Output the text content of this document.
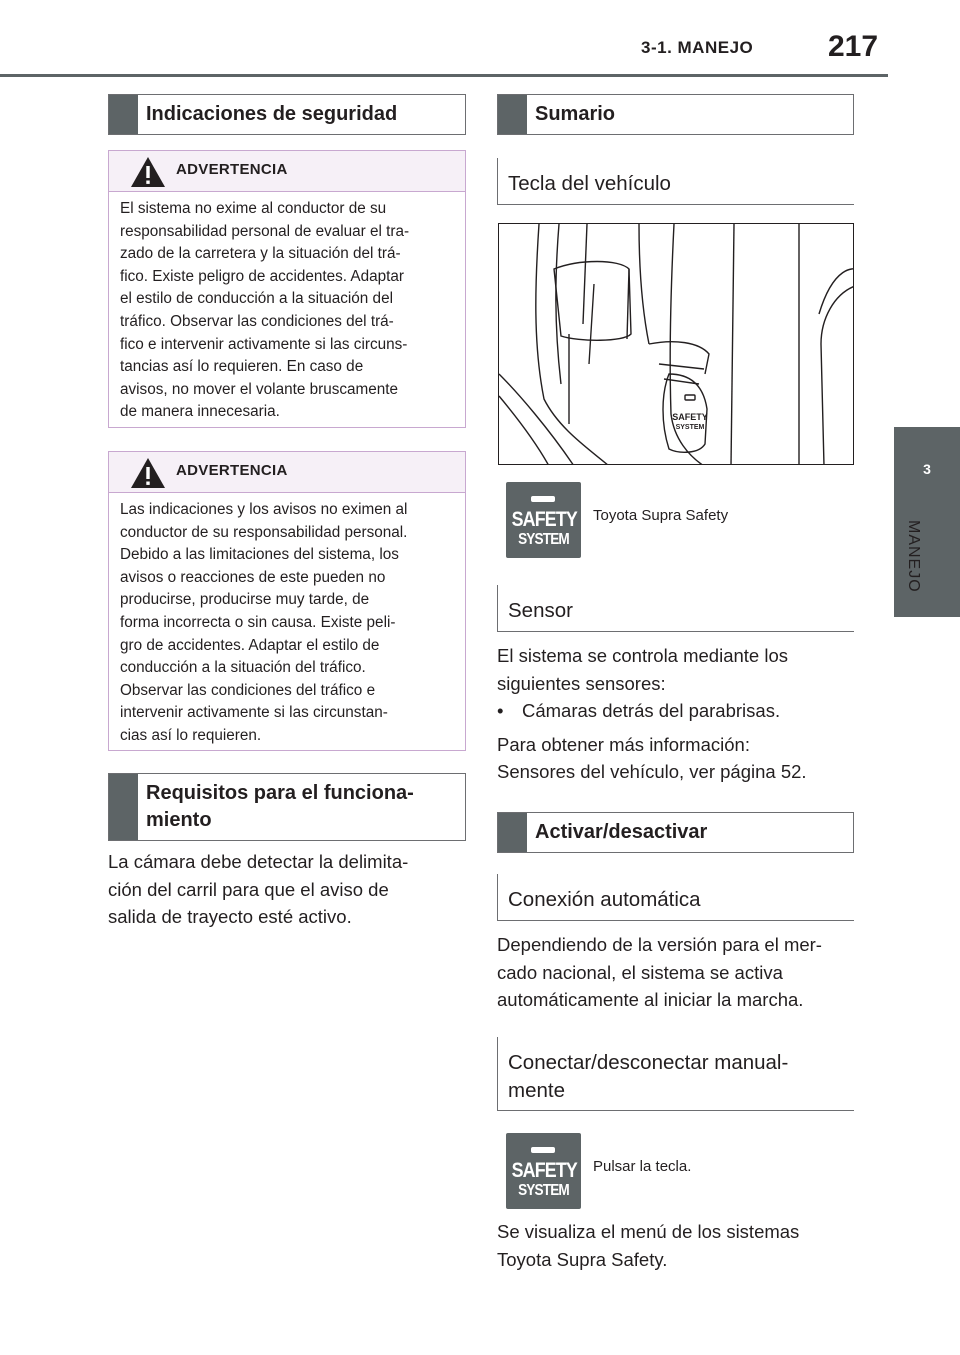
3-1. MANEJO 217
3
MANEJO
Indicaciones de seguridad
ADVERTENCIA
El sistema no exime al conductor de su
responsabilidad personal de evaluar el tra-
zado de la carretera y la situación del trá-
fico. Existe peligro de accidentes. Adaptar
el estilo de conducción a la situación del
tráfico. Observar las condiciones del trá-
fico e intervenir activamente si las circuns-
tancias así lo requieren. En caso de
avisos, no mover el volante bruscamente
de manera innecesaria.
ADVERTENCIA
Las indicaciones y los avisos no eximen al
conductor de su responsabilidad personal.
Debido a las limitaciones del sistema, los
avisos o reacciones de este pueden no
producirse, producirse muy tarde, de
forma incorrecta o sin causa. Existe peli-
gro de accidentes. Adaptar el estilo de
conducción a la situación del tráfico.
Observar las condiciones del tráfico e
intervenir activamente si las circunstan-
cias así lo requieren.
Requisitos para el funciona-
miento
La cámara debe detectar la delimita-
ción del carril para que el aviso de
salida de trayecto esté activo.
Sumario
Tecla del vehículo
SAFETY
SYSTEM
SAFETY
SYSTEM
Toyota Supra Safety
Sensor
El sistema se controla mediante los
siguientes sensores:
• Cámaras detrás del parabrisas.
Para obtener más información:
Sensores del vehículo, ver página 52.
Activar/desactivar
Conexión automática
Dependiendo de la versión para el mer-
cado nacional, el sistema se activa
automáticamente al iniciar la marcha.
Conectar/desconectar manual-
mente
SAFETY
SYSTEM
Pulsar la tecla.
Se visualiza el menú de los sistemas
Toyota Supra Safety.
